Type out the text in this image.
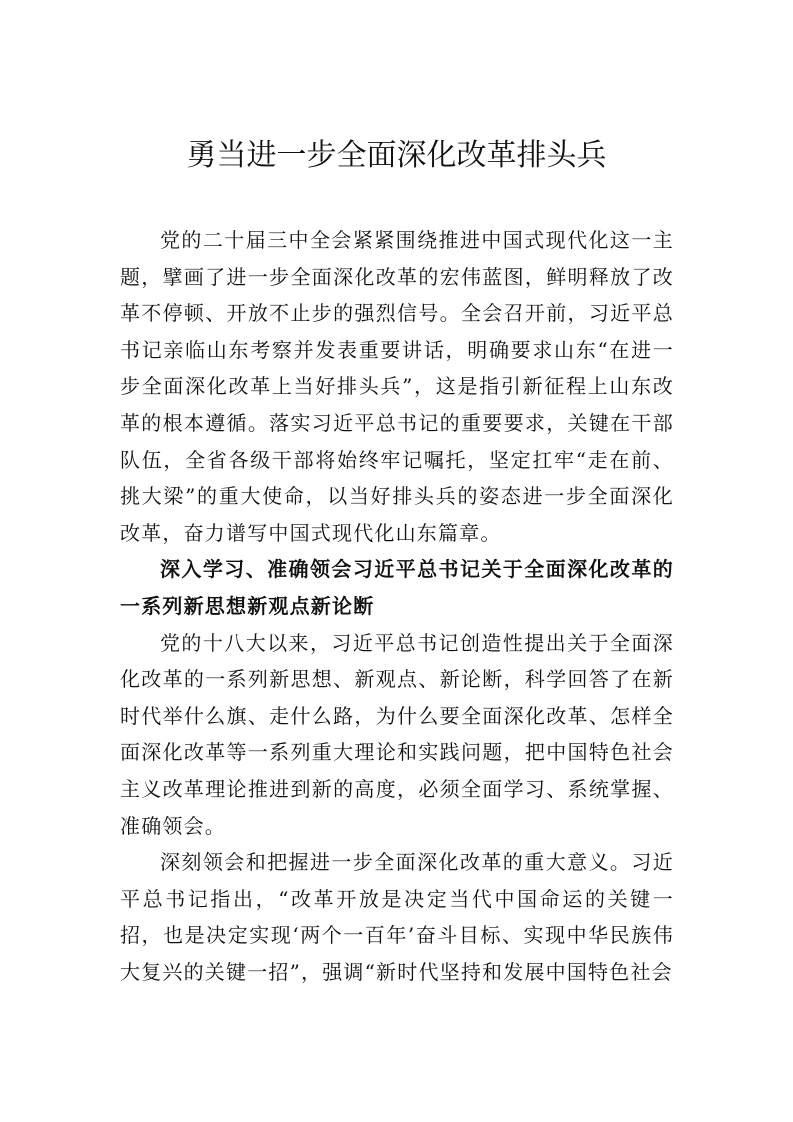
勇当进一步全面深化改革排头兵

党的二十届三中全会紧紧围绕推进中国式现代化这一主题，擘画了进一步全面深化改革的宏伟蓝图，鲜明释放了改革不停顿、开放不止步的强烈信号。全会召开前，习近平总书记亲临山东考察并发表重要讲话，明确要求山东“在进一步全面深化改革上当好排头兵”，这是指引新征程上山东改革的根本遵循。落实习近平总书记的重要要求，关键在干部队伍，全省各级干部将始终牢记嘱托，坚定扛牢“走在前、挑大梁”的重大使命，以当好排头兵的姿态进一步全面深化改革，奋力谱写中国式现代化山东篇章。

深入学习、准确领会习近平总书记关于全面深化改革的一系列新思想新观点新论断

党的十八大以来，习近平总书记创造性提出关于全面深化改革的一系列新思想、新观点、新论断，科学回答了在新时代举什么旗、走什么路，为什么要全面深化改革、怎样全面深化改革等一系列重大理论和实践问题，把中国特色社会主义改革理论推进到新的高度，必须全面学习、系统掌握、准确领会。

深刻领会和把握进一步全面深化改革的重大意义。习近平总书记指出，“改革开放是决定当代中国命运的关键一招，也是决定实现‘两个一百年’奋斗目标、实现中华民族伟大复兴的关键一招”，强调“新时代坚持和发展中国特色社会
